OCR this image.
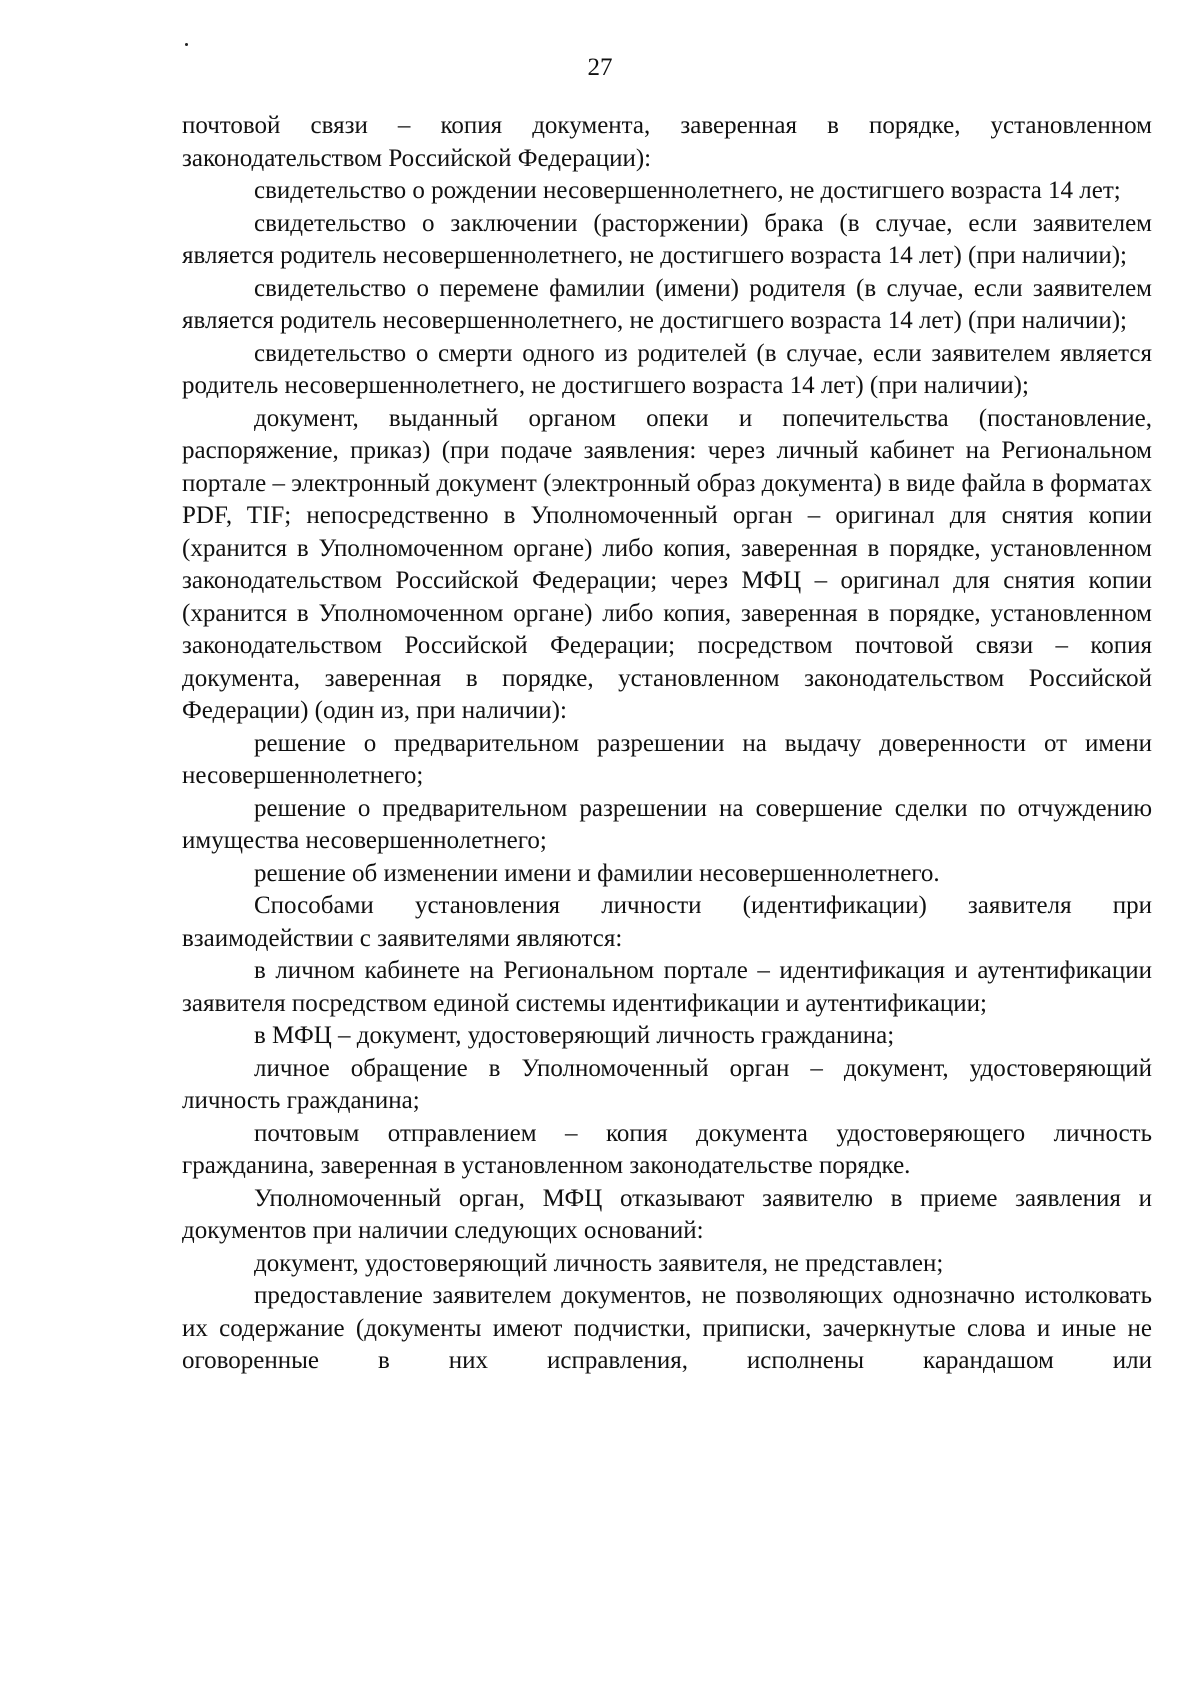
27

почтовой связи – копия документа, заверенная в порядке, установленном законодательством Российской Федерации):

свидетельство о рождении несовершеннолетнего, не достигшего возраста 14 лет;

свидетельство о заключении (расторжении) брака (в случае, если заявителем является родитель несовершеннолетнего, не достигшего возраста 14 лет) (при наличии);

свидетельство о перемене фамилии (имени) родителя (в случае, если заявителем является родитель несовершеннолетнего, не достигшего возраста 14 лет) (при наличии);

свидетельство о смерти одного из родителей (в случае, если заявителем является родитель несовершеннолетнего, не достигшего возраста 14 лет) (при наличии);

документ, выданный органом опеки и попечительства (постановление, распоряжение, приказ) (при подаче заявления: через личный кабинет на Региональном портале – электронный документ (электронный образ документа) в виде файла в форматах PDF, TIF; непосредственно в Уполномоченный орган – оригинал для снятия копии (хранится в Уполномоченном органе) либо копия, заверенная в порядке, установленном законодательством Российской Федерации; через МФЦ – оригинал для снятия копии (хранится в Уполномоченном органе) либо копия, заверенная в порядке, установленном законодательством Российской Федерации; посредством почтовой связи – копия документа, заверенная в порядке, установленном законодательством Российской Федерации) (один из, при наличии):

решение о предварительном разрешении на выдачу доверенности от имени несовершеннолетнего;

решение о предварительном разрешении на совершение сделки по отчуждению имущества несовершеннолетнего;

решение об изменении имени и фамилии несовершеннолетнего.

Способами установления личности (идентификации) заявителя при взаимодействии с заявителями являются:

в личном кабинете на Региональном портале – идентификация и аутентификации заявителя посредством единой системы идентификации и аутентификации;

в МФЦ – документ, удостоверяющий личность гражданина;

личное обращение в Уполномоченный орган – документ, удостоверяющий личность гражданина;

почтовым отправлением – копия документа удостоверяющего личность гражданина, заверенная в установленном законодательстве порядке.

Уполномоченный орган, МФЦ отказывают заявителю в приеме заявления и документов при наличии следующих оснований:

документ, удостоверяющий личность заявителя, не представлен;

предоставление заявителем документов, не позволяющих однозначно истолковать их содержание (документы имеют подчистки, приписки, зачеркнутые слова и иные не оговоренные в них исправления, исполнены карандашом или
